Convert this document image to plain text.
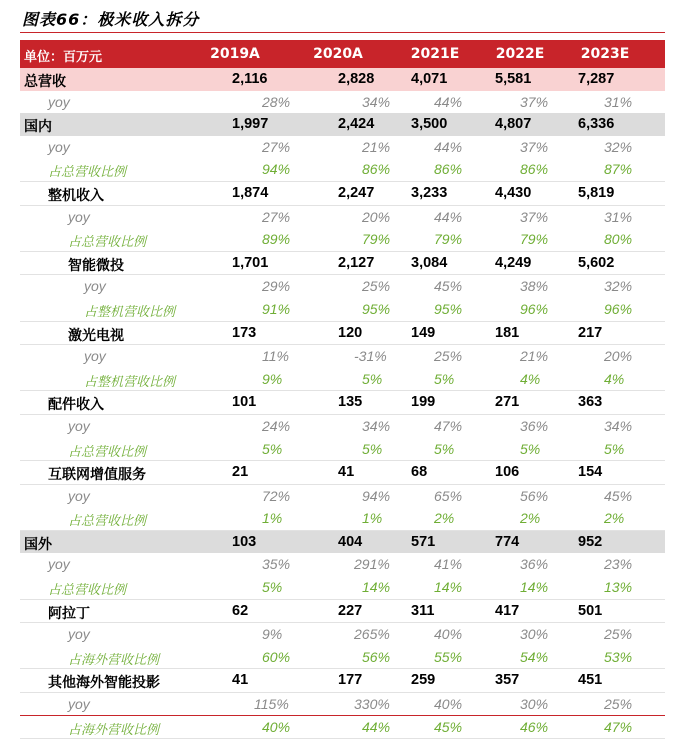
图表66：极米收入拆分
单位：百万元	2019A	2020A	2021E	2022E	2023E
总营收	2,116	2,828	4,071	5,581	7,287
yoy	28%	34%	44%	37%	31%
国内	1,997	2,424	3,500	4,807	6,336
yoy	27%	21%	44%	37%	32%
占总营收比例	94%	86%	86%	86%	87%
整机收入	1,874	2,247	3,233	4,430	5,819
yoy	27%	20%	44%	37%	31%
占总营收比例	89%	79%	79%	79%	80%
智能微投	1,701	2,127	3,084	4,249	5,602
yoy	29%	25%	45%	38%	32%
占整机营收比例	91%	95%	95%	96%	96%
激光电视	173	120	149	181	217
yoy	11%	-31%	25%	21%	20%
占整机营收比例	9%	5%	5%	4%	4%
配件收入	101	135	199	271	363
yoy	24%	34%	47%	36%	34%
占总营收比例	5%	5%	5%	5%	5%
互联网增值服务	21	41	68	106	154
yoy	72%	94%	65%	56%	45%
占总营收比例	1%	1%	2%	2%	2%
国外	103	404	571	774	952
yoy	35%	291%	41%	36%	23%
占总营收比例	5%	14%	14%	14%	13%
阿拉丁	62	227	311	417	501
yoy	9%	265%	40%	30%	25%
占海外营收比例	60%	56%	55%	54%	53%
其他海外智能投影	41	177	259	357	451
yoy	115%	330%	40%	30%	25%
占海外营收比例	40%	44%	45%	46%	47%
